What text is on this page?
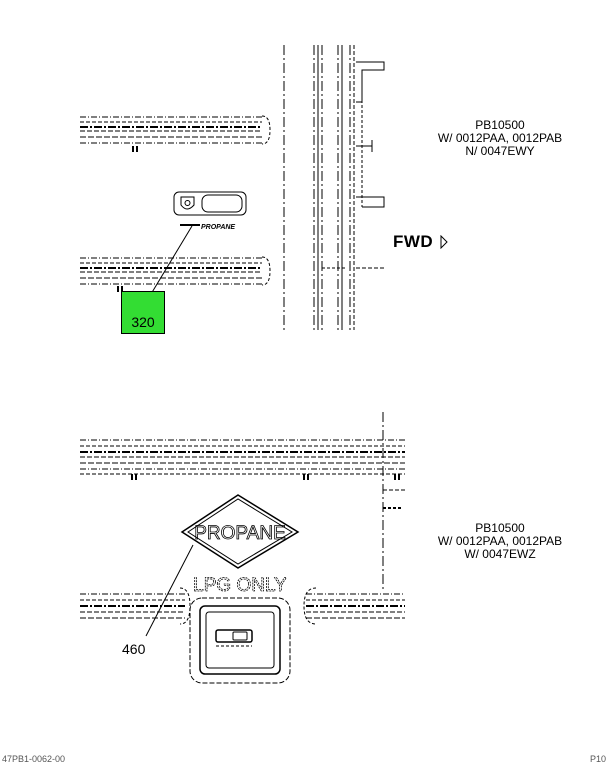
PROPANE
PROPANE
LPG ONLY
320
FWD
PB10500
W/ 0012PAA, 0012PAB
N/ 0047EWY
PB10500
W/ 0012PAA, 0012PAB
W/ 0047EWZ
460
47PB1-0062-00	P10
